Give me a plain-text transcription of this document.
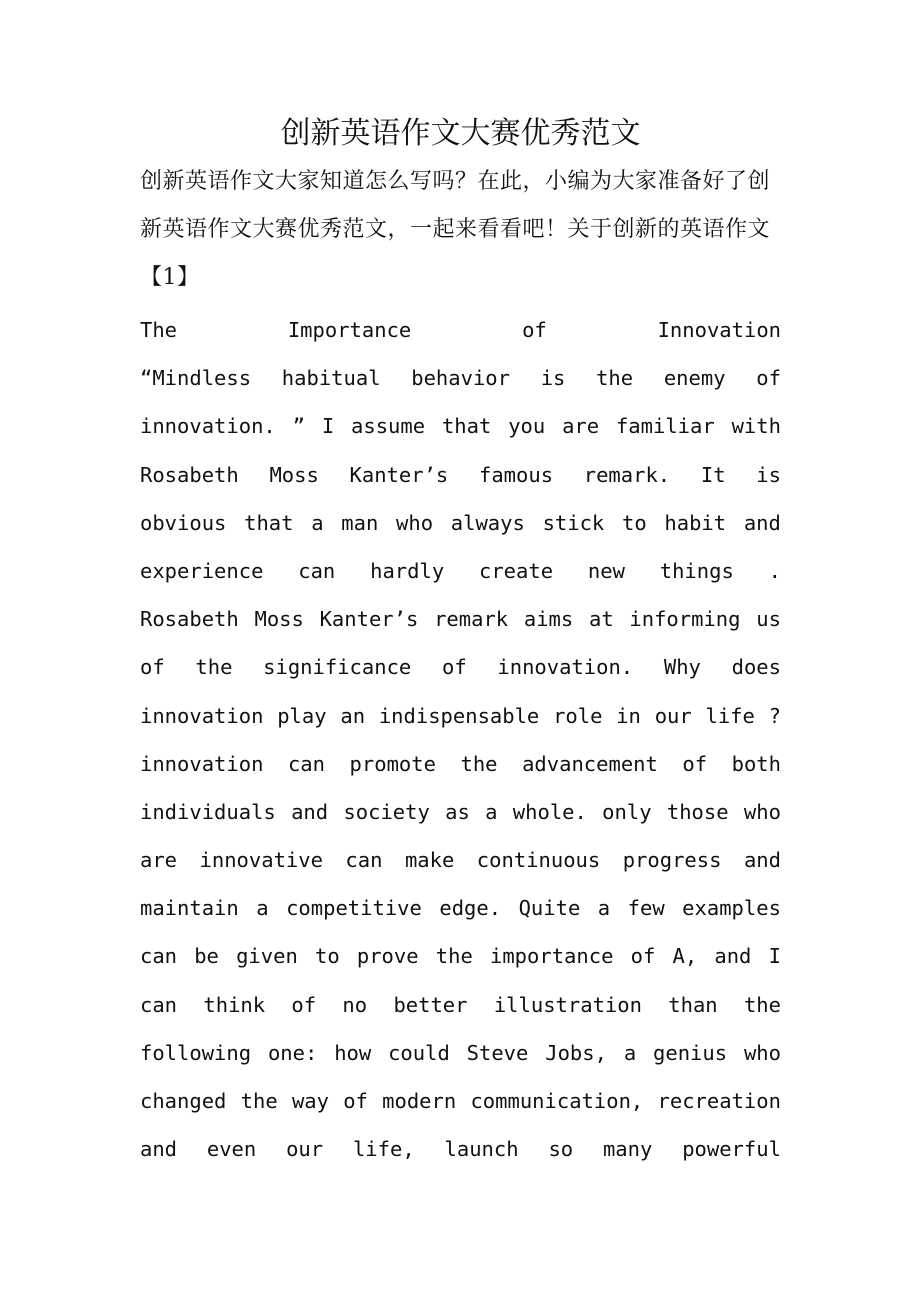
创新英语作文大赛优秀范文

创新英语作文大家知道怎么写吗？在此，小编为大家准备好了创新英语作文大赛优秀范文，一起来看看吧！关于创新的英语作文【1】

The	Importance	of	Innovation
“Mindless habitual behavior is the enemy of
innovation. ” I assume that you are familiar with
Rosabeth Moss Kanter’s famous remark. It is
obvious that a man who always stick to habit and
experience can hardly create new things .
Rosabeth Moss Kanter’s remark aims at informing us
of the significance of innovation. Why does
innovation play an indispensable role in our life ?
innovation can promote the advancement of both
individuals and society as a whole. only those who
are innovative can make continuous progress and
maintain a competitive edge. Quite a few examples
can be given to prove the importance of A, and I
can think of no better illustration than the
following one: how could Steve Jobs, a genius who
changed the way of modern communication, recreation
and even our life, launch so many powerful
